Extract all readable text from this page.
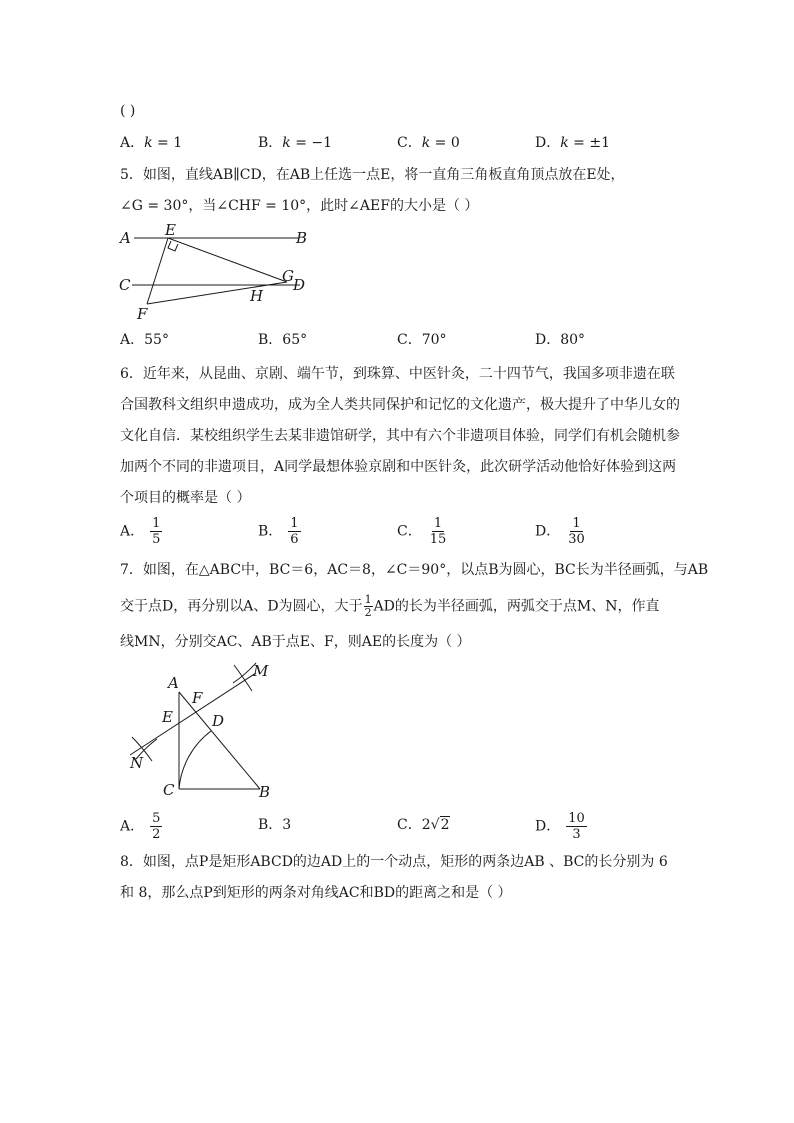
( )
A．k = 1	B．k = −1	C．k = 0	D．k = ±1
5．如图，直线AB∥CD，在AB上任选一点E，将一直角三角板直角顶点放在E处，
∠G = 30°，当∠CHF = 10°，此时∠AEF的大小是（ ）
A	B
C	D
E
F
G
H
A．55°	B．65°	C．70°	D．80°
6．近年来，从昆曲、京剧、端午节，到珠算、中医针灸，二十四节气，我国多项非遗在联
合国教科文组织申遗成功，成为全人类共同保护和记忆的文化遗产，极大提升了中华儿女的
文化自信．某校组织学生去某非遗馆研学，其中有六个非遗项目体验，同学们有机会随机参
加两个不同的非遗项目，A同学最想体验京剧和中医针灸，此次研学活动他恰好体验到这两
个项目的概率是（ ）
A． $\frac{1}{5}$	B． $\frac{1}{6}$	C． $\frac{1}{15}$	D． $\frac{1}{30}$
7．如图，在△ABC中，BC＝6，AC＝8，∠C＝90°，以点B为圆心，BC长为半径画弧，与AB
交于点D，再分别以A、D为圆心，大于 $\frac{1}{2}$ AD的长为半径画弧，两弧交于点M、N，作直
线MN，分别交AC、AB于点E、F，则AE的长度为（ ）
A
B
C
D
E
F
M
N
A． $\frac{5}{2}$	B．3	C．2√2	D． $\frac{10}{3}$
8．如图，点P是矩形ABCD的边AD上的一个动点，矩形的两条边AB 、BC的长分别为 6
和 8，那么点P到矩形的两条对角线AC和BD的距离之和是（ ）
